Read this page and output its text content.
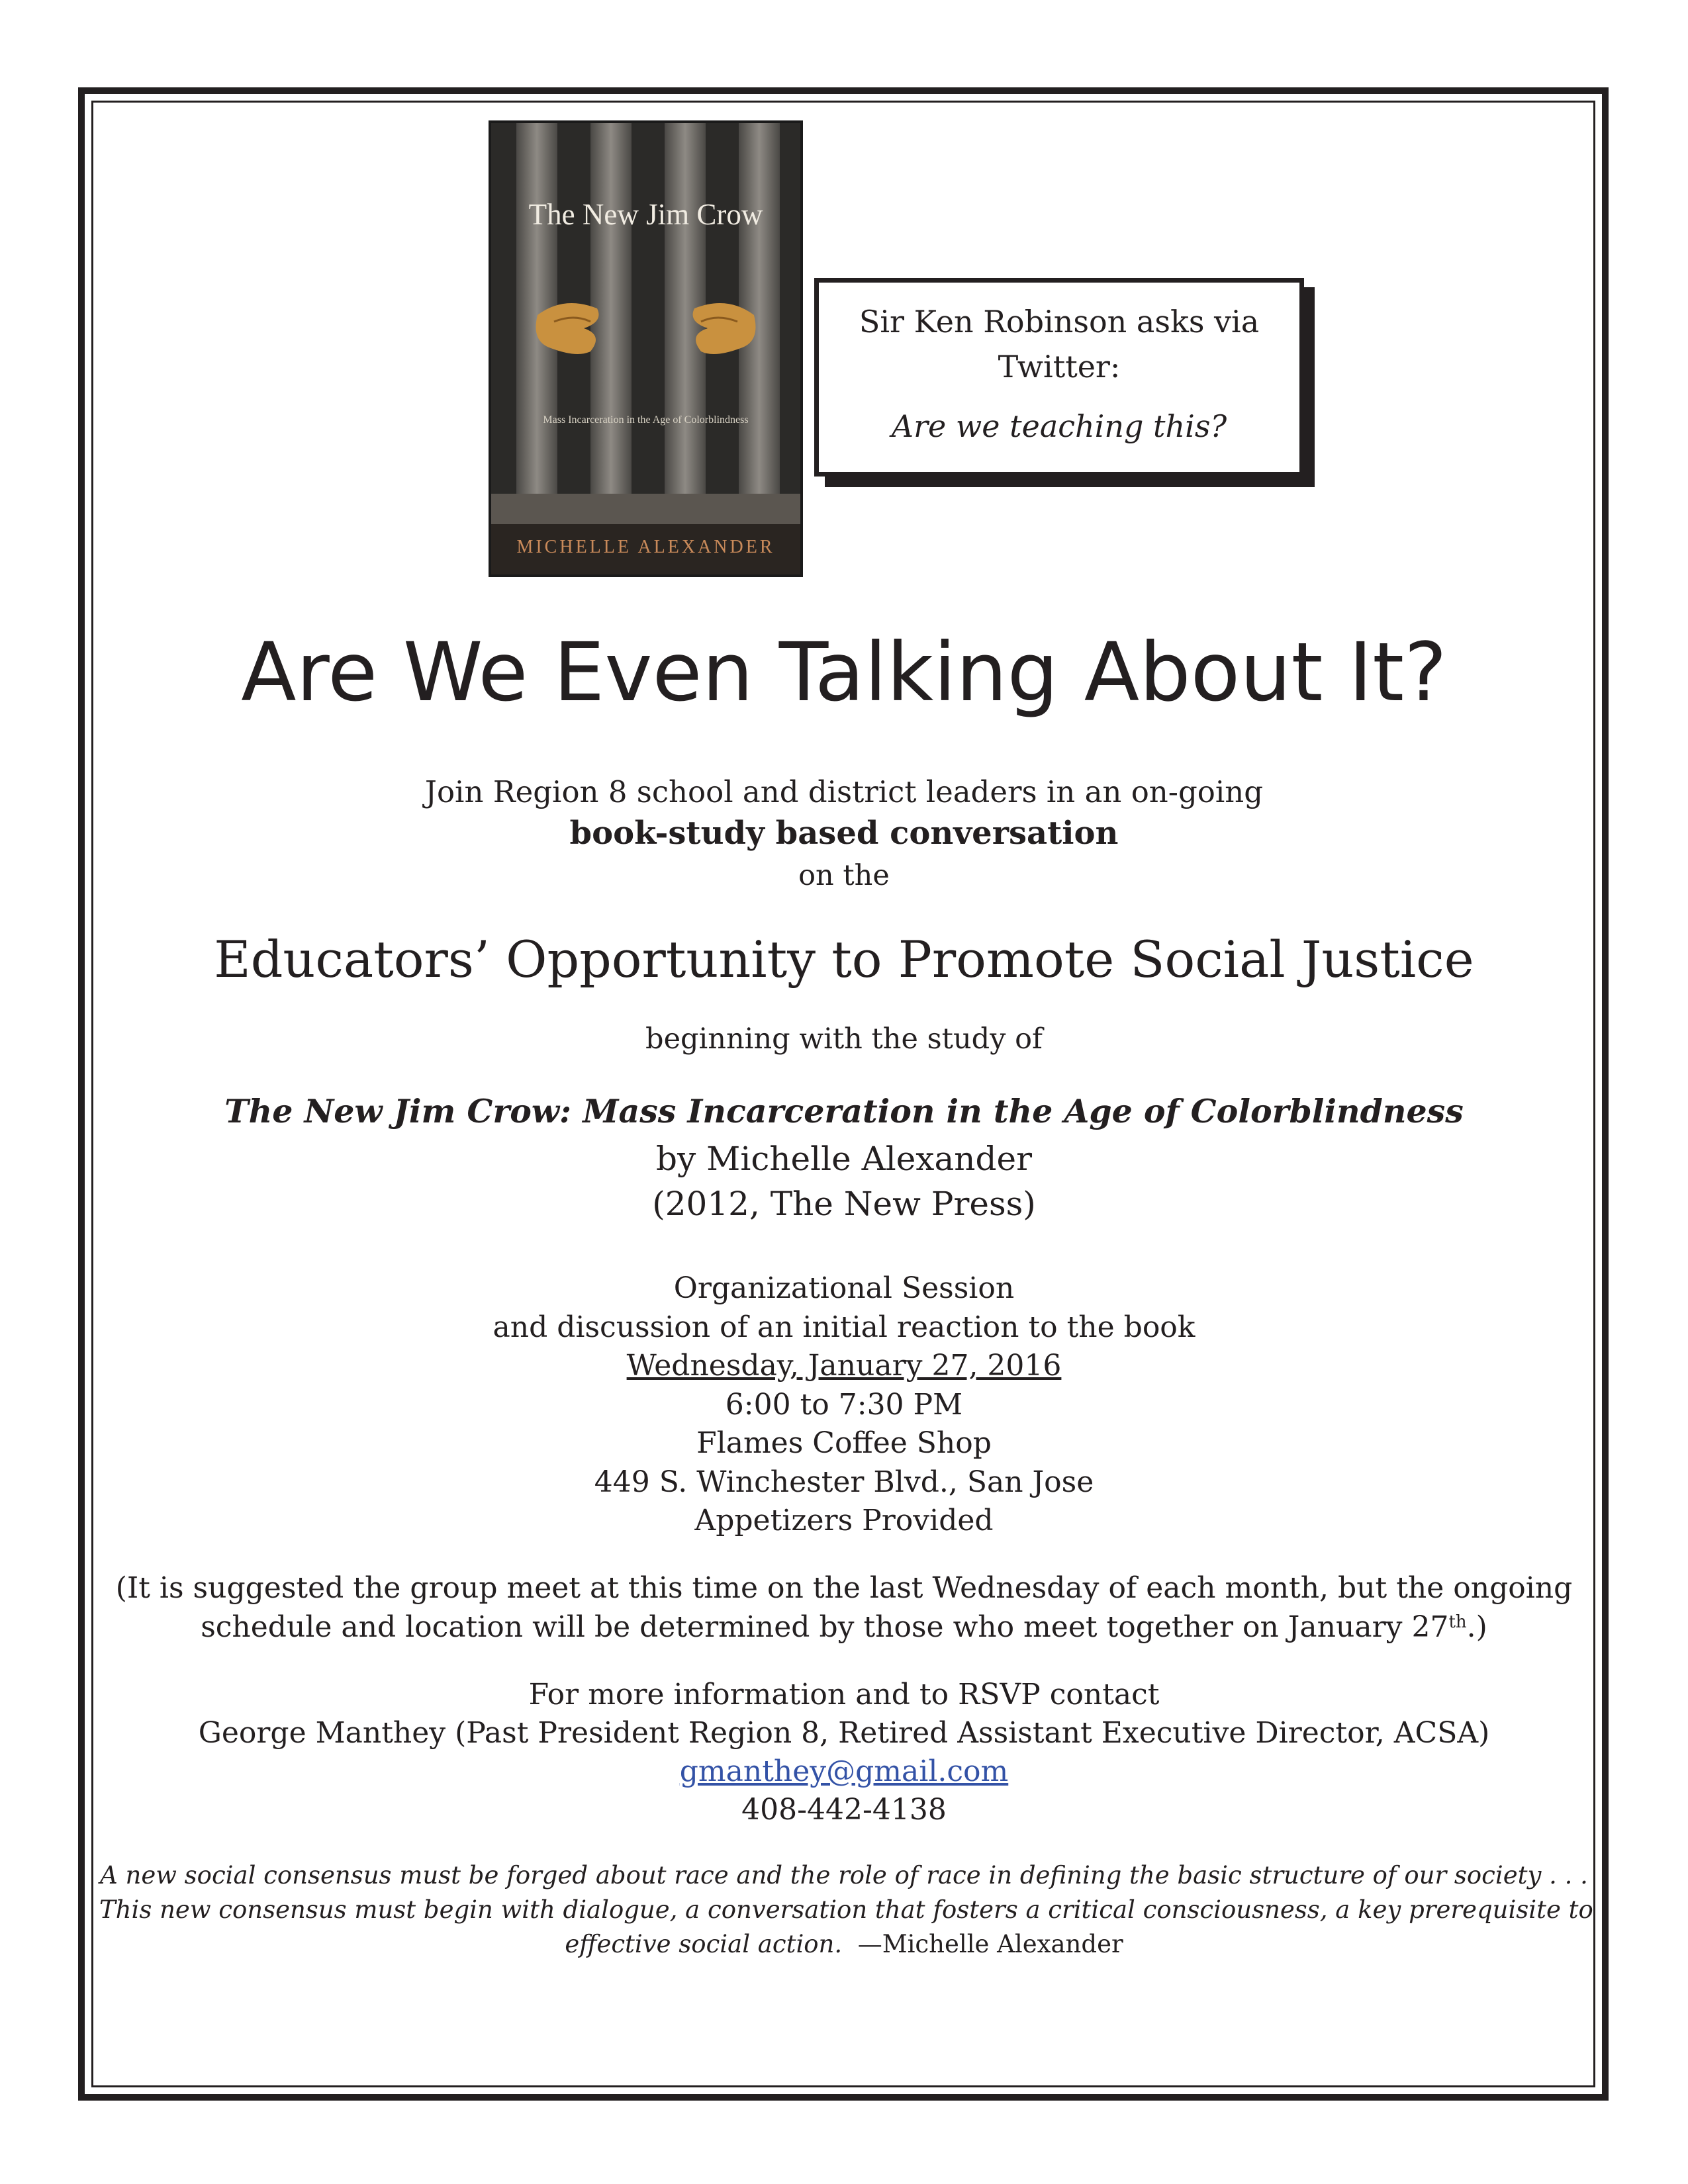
The New Jim Crow
Mass Incarceration in the Age of Colorblindness
MICHELLE ALEXANDER
Sir Ken Robinson asks via Twitter:
Are we teaching this?
Are We Even Talking About It?
Join Region 8 school and district leaders in an on-going
book-study based conversation
on the
Educators’ Opportunity to Promote Social Justice
beginning with the study of
The New Jim Crow: Mass Incarceration in the Age of Colorblindness
by Michelle Alexander
(2012, The New Press)
Organizational Session
and discussion of an initial reaction to the book
Wednesday, January 27, 2016
6:00 to 7:30 PM
Flames Coffee Shop
449 S. Winchester Blvd., San Jose
Appetizers Provided
(It is suggested the group meet at this time on the last Wednesday of each month, but the ongoing
schedule and location will be determined by those who meet together on January 27th.)
For more information and to RSVP contact
George Manthey (Past President Region 8, Retired Assistant Executive Director, ACSA)
gmanthey@gmail.com
408-442-4138
A new social consensus must be forged about race and the role of race in defining the basic structure of our society . . .
This new consensus must begin with dialogue, a conversation that fosters a critical consciousness, a key prerequisite to
effective social action. —Michelle Alexander
